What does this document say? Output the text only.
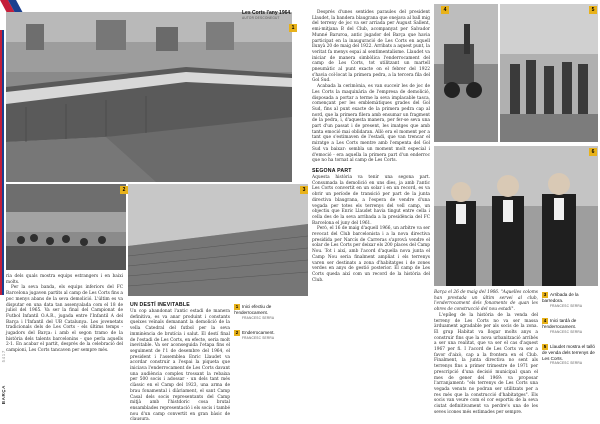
5417
BARÇA
1
Les Corts l'any 1964.
AUTOR DESCONEGUT
2	3

ria dels quals mostra equips estrangers i en baixi molts.

Per la seva banda, els equips inferiors del FC Barcelona jugaven partits al camp de Les Corts fins a poc menys abans de la seva demolició. L'últim es va disputar en una data tan assenyalada com el 18 de juliol del 1965. Va ser la final del Campionat de Futbol Infantil O.A.R., jugada entre l'Infantil A del Barça i l'Infantil del UB Catalunya. Les jovenetats tradicionals dels de Les Corts - els últims temps - jugadors del Barça: i amb el segon tramo de la història dels talents barcelonins - que perla aquells 2-1. En acabar el partit, després de la celebració del campioni, Les Corts tancaven per sempre més.

UN DESTÍ INEVITABLE

Un cop abandonat l'antic estadi de manera definitiva, es va anar produint i constants queixes veïnals demanant la demolició de la vella Catedral del futbol per la seva imminència de brutícia i salut. El destí final de l'estadi de Les Corts, en efecte, seria molt inevitable. Va ser aconseguida l'etapa fins el seguiment de l'1 de desembre del 1964, el president i l'assemblea Enric Llaudet va acordar construir a l'espai la piqueta que iniciava l'enderrocament de Les Corts davant una audiència complex trossant la rebaixa per 500 socis i adossar - un dels tant més clàssic en el Camp del 1923, una arma de brau fonamental i diàriament, el sant Camp Casal dels socis representants del Camp mitjà amb l'histdoric cosa brutal ensamblades representació i els socis i també nou d'un camp convertit en gran bàsic de clausura.

1 Inici efectiu de l'enderrocament.
FRANCESC SERRA
2 Enderrocament.
FRANCESC SERRA

Després d'unes sentides paraules del president Llaudet, la bandera blaugrana que onejava al ball mig del terreny de joc va ser arriada per August Sallent, emi-mitjana B del Club, acompanyat per Salvador Munné Baruroa, antic jugador del Barça que havia participat en la inauguració de Les Corts en aquell llunyà 20 de maig del 1922. Arribats a aquest punt, la veritat fa menys espai al sentimentalisme. Llaudet va iniciar de manera simbòlica l'enderrocament del camp de Les Corts, tot utilitzant un martell pneumàtic al punt exacte on el febrer del 1922 s'havia col·locat la primera pedra, a la tercera fila del Gol Sud.

Acabada la cerimònia, es van succeir les de joc de Les Corts la maquinària de l'empresa de demolició, disposada a portar a terme la seva implacable tasca, començant per les emblemàtiques grades del Gol Sud, fins al punt exacte de la primera pedra cap al nord, que la primera filera amb ensumar un fragment de la pedra, i, d'aquesta manera, per fer-se seva una part d'un passat i de present, les imatges que amb tanta emoció mai oblidaran. Allò era el moment per a tant que s'estimaven de l'estadi, que van trencar el miratge a Les Corts mentre amb l'empenta del Gol Sud va baixar: sembla un moment molt especial i d'emoció - era aquella la primera part d'un enderroc que no ha tornat al camp de Les Corts.

SEGONA PART

Aquesta història va tenir una segona part. Consumada la demolició en uns dies, ja amb l'antic Les Corts convertit en un solar i en un record, es va obrir un període de transició per part de la junta directiva blaugrana, a l'espera de vendre d'una vegada per totes els terrenys del vell camp, un objectiu que Enric Llaudet havia tingut entre cella i cella des de la seva arribada a la presidència del FC Barcelona el juny del 1961.

Però, el 16 de maig d'aquell 1966, un arbitre va ser revocat del Club barcelonista i a la nova directiva presidida per Narcís de Carreras s'aprovà vendre el solar de Les Corts per deixar els 200 places del Camp Nou. Tot i així, amb l'acord d'aquella nova junta el Camp Nou seria finalment ampliat i els terrenys varen ser destinats a zona d'habitatges i de zones verdes en anys de gestió posterior. El camp de Les Corts queda així com un record de la història del Club.

4	5
6

Barça el 26 de maig del 1966. "Aquelles coloms han prestada un últim servei al club, l'enderrocament dels fonaments de quan les obres de construcció del nou estadi".

L'epíleg de la història de la venda del terreny de Les Corts no va ser massa àrduament agradable per als socis de la zona. El grup Habitat va llogar molts anys a construir fins que la nova urbanització arribés a ser una realitat, que va ser el cas d'aquest 1967 per fi. I l'acord de Les Corts va ser a favor d'això, cap a la frontera en el Club. Finalment, la junta directiva no sent als terrenys fins a primer trimestre de 1971 per prescripció d'una decisió municipal quan el mes de gener del 1969: va proposar l'arranjament: "els terrenys de Les Corts una vegada venuts no podran ser utilitzats per a res més que la construcció d'habitatges". Els socis van veure com el cor esportiu de la seva ciutat definitivament va perdre's una de les seves icones més estimades per sempre.

3 Arribada de la barredora.
FRANCESC SERRA
4 Inici tardà de l'enderrocament.
FRANCESC SERRA
5 Llaudet mostra el talló de venda dels terrenys de Les Corts.
FRANCESC SERRA
